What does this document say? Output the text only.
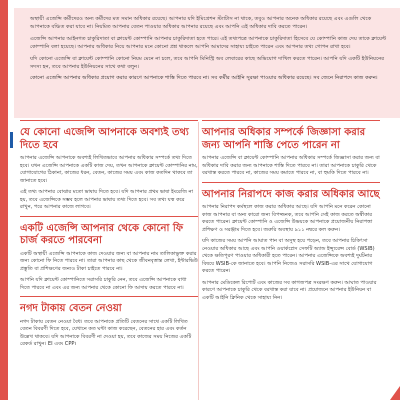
অস্থায়ী এজেন্সি কর্মীদেরও অন্য কর্মীদের মত সমান অধিকার রয়েছে। আপনার যদি ইমিগ্রেশন স্ট্যাটাস না থাকে, তবুও আপনার অনেক অধিকার রয়েছে এবং এগুলি থেকে আপনাকে বঞ্চিত করা যাবে না। নিয়মিত আপনার বেতন পাওয়ার অধিকার আপনার রয়েছে এবং আপনি এই অধিকার দাবি করতে পারেন।

এজেন্সি আপনার আইনগত চাকুরিদাতা বা ক্লায়েন্ট কোম্পানি আপনার চাকুরিদাতা হতে পারে। এই তথ্যপত্রে আপনাকে চাকুরিদাতা হিসেবে যে কোম্পানি কাজ দেয় তাকে ক্লায়েন্ট কোম্পানি বলা হয়েছে। আপনার অধিকার নিয়ে আপনার মনে কোনো প্রশ্ন থাকলে আপনি আমাদের সাহায্য চাইতে পারেন এবং আপনার তথ্য গোপন রাখা হবে।

যদি কোনো এজেন্সি বা ক্লায়েন্ট কোম্পানি কোনো নিয়ম মেনে না চলে, তবে আপনি মিনিস্ট্রি অব লেবারের কাছে অভিযোগ দাখিল করতে পারেন। আপনি যদি একটি ইউনিয়নের সদস্য হন, তবে আপনার ইউনিয়নের সাথে কথা বলুন।

কোনো এজেন্সি আপনার অধিকার প্রয়োগ করার কারণে আপনাকে শাস্তি দিতে পারবে না। সব কর্মীর আইনি সুরক্ষা পাওয়ার অধিকার রয়েছে। সব জেনে নিরাপদে কাজ করুন।

যে কোনো এজেন্সি আপনাকে অবশ্যই তথ্য দিতে হবে

আপনার এজেন্সি আপনাকে অবশ্যই লিখিতভাবে আপনার অধিকার সম্পর্কে তথ্য দিতে হবে। যখন এজেন্সি আপনাকে একটি কাজ দেয়, তখন আপনাকে ক্লায়েন্ট কোম্পানির নাম, যোগাযোগের ঠিকানা, কাজের ধরন, বেতন, কাজের সময় এবং কাজ কতদিন থাকবে তা জানাতে হবে।

এই তথ্য আপনার বোঝার মতো ভাষায় দিতে হবে। যদি আপনার প্রথম ভাষা ইংরেজি না হয়, তবে এজেন্সিকে সম্ভব হলে আপনার ভাষায় তথ্য দিতে হবে। সব তথ্য যত্ন করে রাখুন, পরে আপনার কাজে লাগবে।

একটি এজেন্সি আপনার থেকে কোনো ফি চার্জ করতে পারবেনা

একটি অস্থায়ী এজেন্সি আপনাকে কাজ দেওয়ার জন্য বা আপনার নাম তালিকাভুক্ত করার জন্য কোনো ফি নিতে পারবে না। তারা আপনার কাছ থেকে জীবনবৃত্তান্ত লেখা, ইন্টারভিউ প্রস্তুতি বা প্রশিক্ষণের জন্যও টাকা চাইতে পারবে না।

আপনি যদি ক্লায়েন্ট কোম্পানিতে সরাসরি চাকুরি নেন, তবে এজেন্সি আপনাকে বাধা দিতে পারবে না এবং এর জন্য আপনার থেকে কোনো ফি আদায় করতে পারবে না।

নগদ টাকায় বেতন নেওয়া

নগদ টাকায় বেতন নেওয়া বৈধ। তবে আপনাকে প্রতিটি বেতনের সাথে একটি লিখিত বেতন বিবরণী দিতে হবে, যেখানে কত ঘন্টা কাজ করেছেন, বেতনের হার এবং কর্তন উল্লেখ থাকবে। যদি আপনাকে বিবরণী না দেওয়া হয়, তবে কাজের সময় নিজের একটি রেকর্ড রাখুন। EI এবং CPP।

আপনার অধিকার সম্পর্কে জিজ্ঞাসা করার জন্য আপনি শাস্তি পেতে পারেন না

আপনার এজেন্সি বা ক্লায়েন্ট কোম্পানি আপনার অধিকার সম্পর্কে জিজ্ঞাসা করার জন্য বা অধিকার দাবি করার জন্য আপনাকে শাস্তি দিতে পারবে না। তারা আপনাকে চাকুরি থেকে বরখাস্ত করতে পারবে না, কাজের সময় কমাতে পারবে না, বা হুমকি দিতে পারবে না।

আপনার নিরাপদে কাজ করার অধিকার আছে

আপনার নিরাপদ কর্মস্থলে কাজ করার অধিকার আছে। যদি আপনি মনে করেন কোনো কাজ আপনার বা অন্য কারো জন্য বিপজ্জনক, তবে আপনি সেই কাজ করতে অস্বীকার করতে পারেন। ক্লায়েন্ট কোম্পানি ও এজেন্সি উভয়কে আপনাকে প্রয়োজনীয় নিরাপত্তা প্রশিক্ষণ ও সরঞ্জাম দিতে হবে। জরুরি অবস্থায় ৯১১ নম্বরে কল করুন।

যদি কাজের সময় আপনি আঘাত পান বা অসুস্থ হয়ে পড়েন, তবে আপনার চিকিৎসা নেওয়ার অধিকার আছে এবং আপনি ওয়ার্কপ্লেস সেফটি অ্যান্ড ইন্স্যুরেন্স বোর্ড (WSIB) থেকে ক্ষতিপূরণ পাওয়ার অধিকারী হতে পারেন। আপনার এজেন্সিকে অবশ্যই দুর্ঘটনার বিষয়ে WSIB-কে জানাতে হবে। আপনি নিজেও সরাসরি WSIB-এর সাথে যোগাযোগ করতে পারেন।

আপনার মেডিকেল রিপোর্ট এবং কাজের সব কাগজপত্র সংরক্ষণ করুন। আঘাত পাওয়ার কারণে আপনাকে চাকুরি থেকে বরখাস্ত করা যাবে না। প্রয়োজনে আপনার ইউনিয়ন বা একটি আইনি ক্লিনিক থেকে সাহায্য নিন।
